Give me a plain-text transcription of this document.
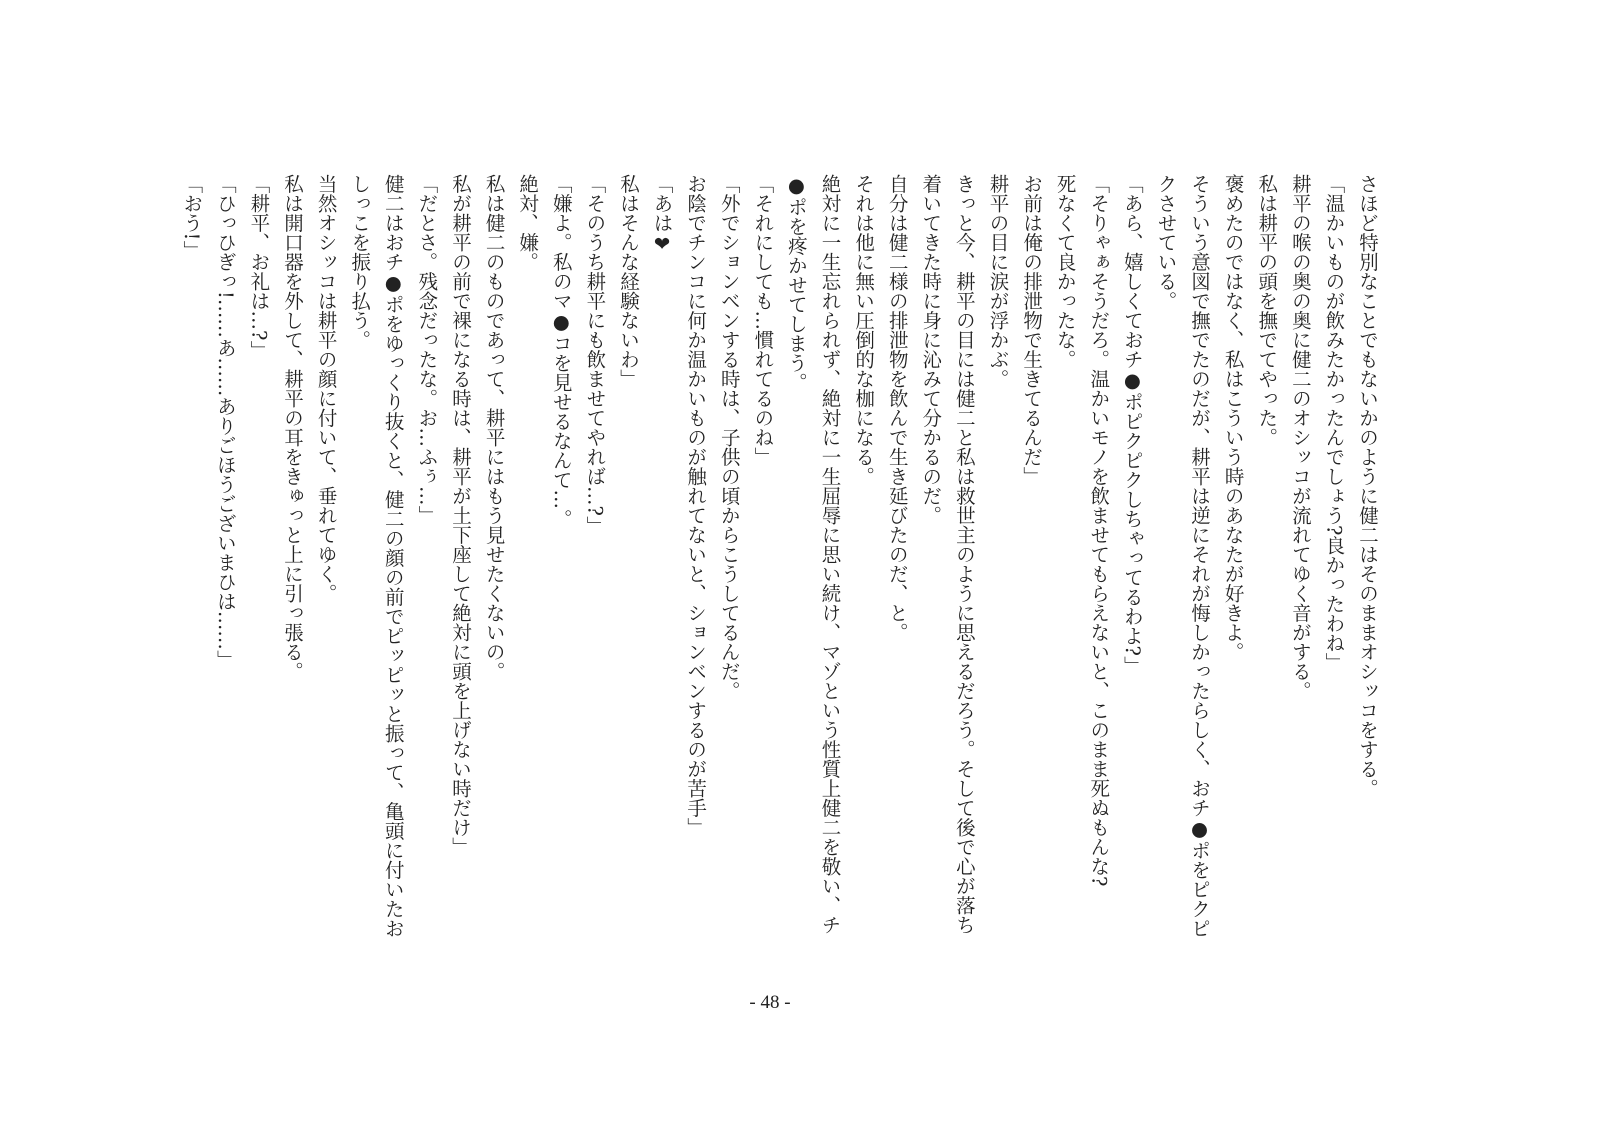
さほど特別なことでもないかのように健二はそのままオシッコをする。

「温かいものが飲みたかったんでしょう?良かったわね」

耕平の喉の奥の奥に健二のオシッコが流れてゆく音がする。

私は耕平の頭を撫でてやった。

褒めたのではなく、私はこういう時のあなたが好きよ。

そういう意図で撫でたのだが、耕平は逆にそれが悔しかったらしく、おチ●ポをピクピ

クさせている。

「あら、嬉しくておチ●ポピクピクしちゃってるわよ?」

「そりゃぁそうだろ。温かいモノを飲ませてもらえないと、このまま死ぬもんな?

死なくて良かったな。

お前は俺の排泄物で生きてるんだ」

耕平の目に涙が浮かぶ。

きっと今、耕平の目には健二と私は救世主のように思えるだろう。そして後で心が落ち

着いてきた時に身に沁みて分かるのだ。

自分は健二様の排泄物を飲んで生き延びたのだ、と。

それは他に無い圧倒的な枷になる。

絶対に一生忘れられず、絶対に一生屈辱に思い続け、マゾという性質上健二を敬い、チ

●ポを疼かせてしまう。

「それにしても…慣れてるのね」

「外でションベンする時は、子供の頃からこうしてるんだ。

お陰でチンコに何か温かいものが触れてないと、ションベンするのが苦手」

「あは❤

私はそんな経験ないわ」

「そのうち耕平にも飲ませてやれば…?」

「嫌よ。私のマ●コを見せるなんて…。

絶対、嫌。

私は健二のものであって、耕平にはもう見せたくないの。

私が耕平の前で裸になる時は、耕平が土下座して絶対に頭を上げない時だけ」

「だとさ。残念だったな。お…ふぅ…」

健二はおチ●ポをゆっくり抜くと、健二の顔の前でピッピッと振って、亀頭に付いたお

しっこを振り払う。

当然オシッコは耕平の顔に付いて、垂れてゆく。

私は開口器を外して、耕平の耳をきゅっと上に引っ張る。

「耕平、お礼は…?」

「ひっひぎっ!……あ……ありごほうございまひは……」

「おう!」

- 48 -
